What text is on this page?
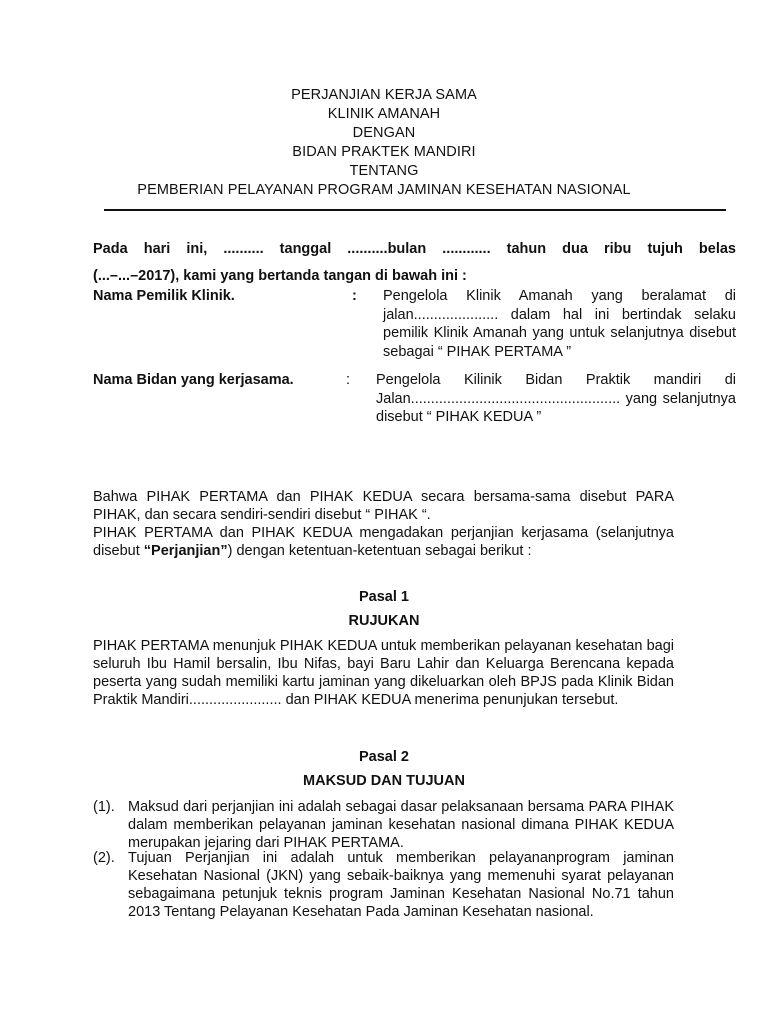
PERJANJIAN KERJA SAMA
KLINIK AMANAH
DENGAN
BIDAN PRAKTEK MANDIRI
TENTANG
PEMBERIAN PELAYANAN PROGRAM JAMINAN KESEHATAN NASIONAL
Pada hari ini, .......... tanggal ..........bulan ............ tahun dua ribu tujuh belas
(...–...–2017), kami yang bertanda tangan di bawah ini :
Nama Pemilik Klinik.	: Pengelola Klinik Amanah yang beralamat di jalan..................... dalam hal ini bertindak selaku pemilik Klinik Amanah yang untuk selanjutnya disebut sebagai “ PIHAK PERTAMA ”
Nama Bidan yang kerjasama.	: Pengelola Kilinik Bidan Praktik mandiri di Jalan.................................................... yang selanjutnya disebut “ PIHAK KEDUA ”
Bahwa PIHAK PERTAMA dan PIHAK KEDUA secara bersama-sama disebut PARA PIHAK, dan secara sendiri-sendiri disebut “ PIHAK “.
PIHAK PERTAMA dan PIHAK KEDUA mengadakan perjanjian kerjasama (selanjutnya disebut “Perjanjian”) dengan ketentuan-ketentuan sebagai berikut :
Pasal 1
RUJUKAN
PIHAK PERTAMA menunjuk PIHAK KEDUA untuk memberikan pelayanan kesehatan bagi seluruh Ibu Hamil bersalin, Ibu Nifas, bayi Baru Lahir dan Keluarga Berencana kepada peserta yang sudah memiliki kartu jaminan yang dikeluarkan oleh BPJS pada Klinik Bidan Praktik Mandiri....................... dan PIHAK KEDUA menerima penunjukan tersebut.
Pasal 2
MAKSUD DAN TUJUAN
(1). Maksud dari perjanjian ini adalah sebagai dasar pelaksanaan bersama PARA PIHAK dalam memberikan pelayanan jaminan kesehatan nasional dimana PIHAK KEDUA merupakan jejaring dari PIHAK PERTAMA.
(2). Tujuan Perjanjian ini adalah untuk memberikan pelayananprogram jaminan Kesehatan Nasional (JKN) yang sebaik-baiknya yang memenuhi syarat pelayanan sebagaimana petunjuk teknis program Jaminan Kesehatan Nasional No.71 tahun 2013 Tentang Pelayanan Kesehatan Pada Jaminan Kesehatan nasional.
